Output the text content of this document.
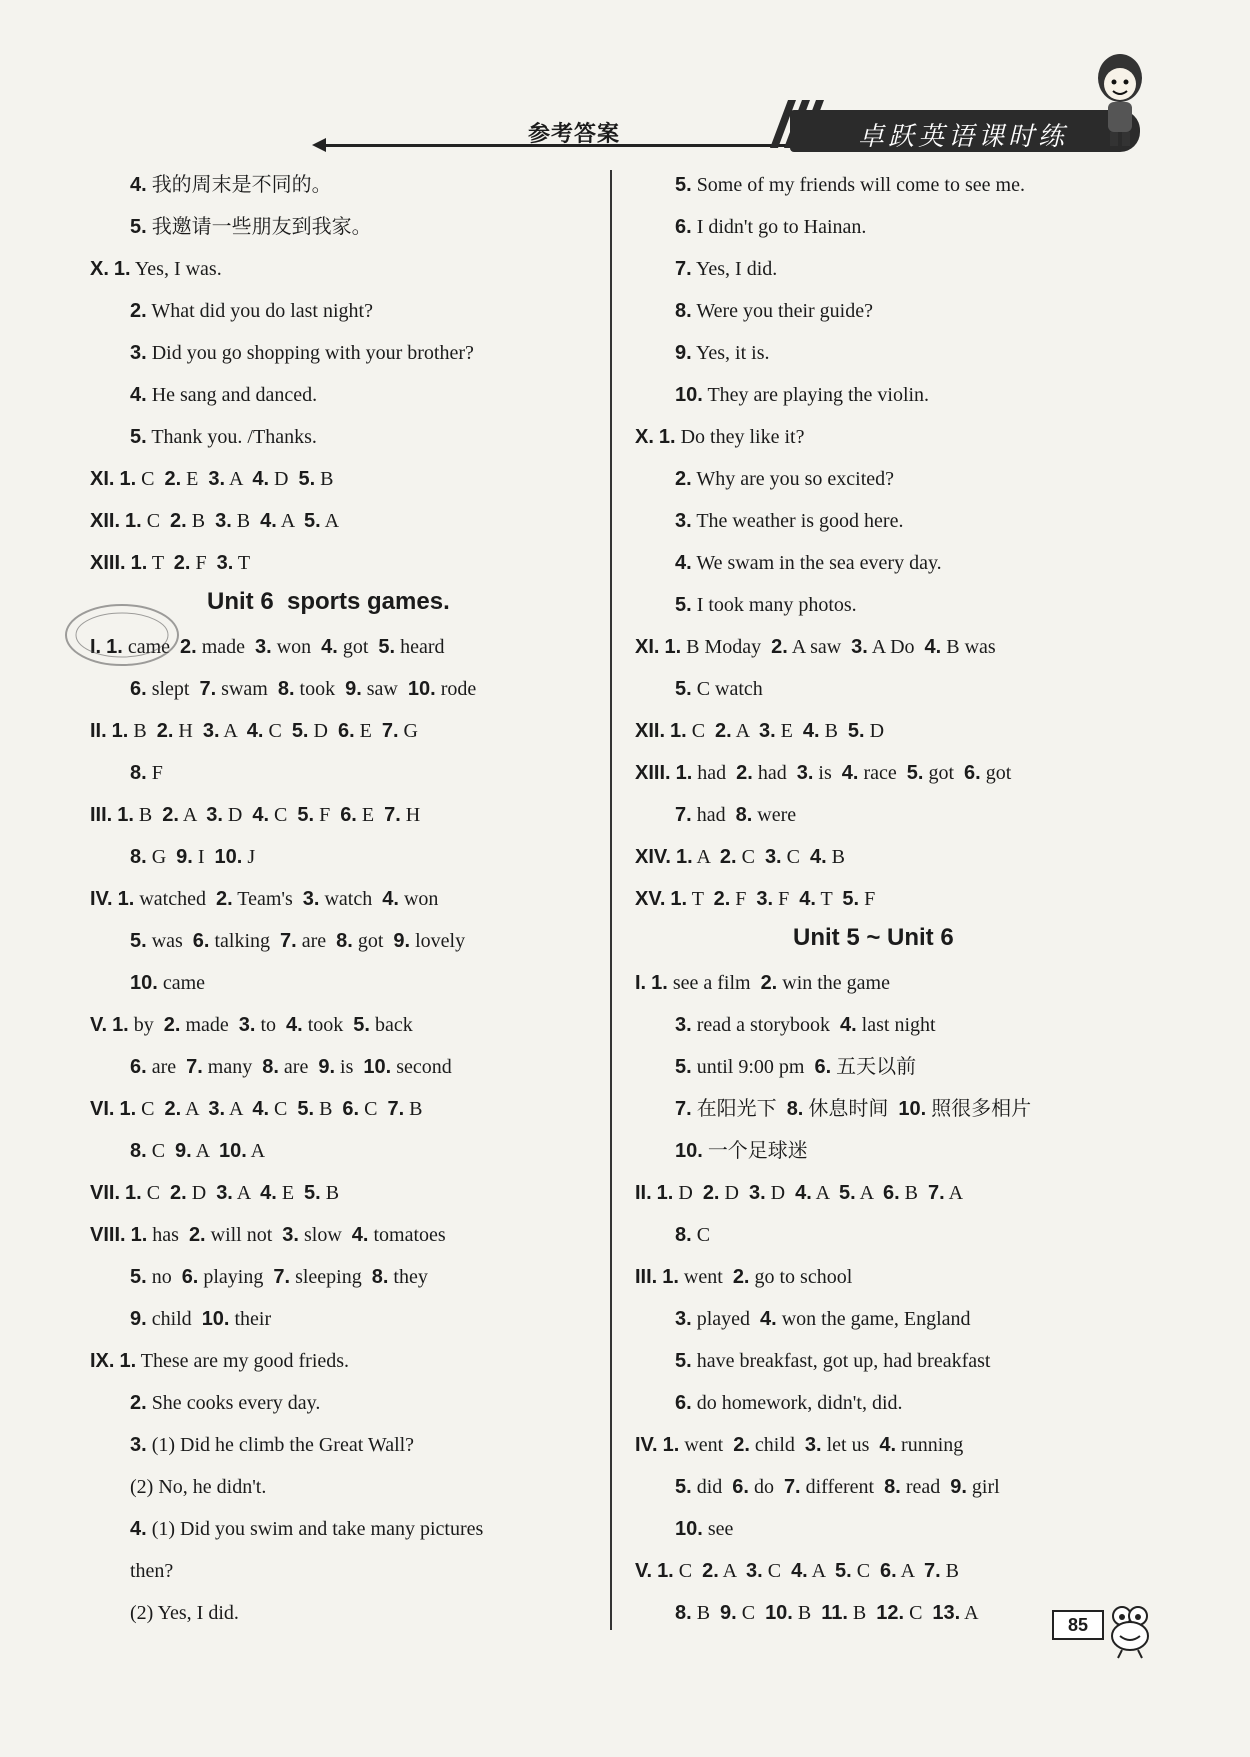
参考答案	卓跃英语课时练
4. 我的周末是不同的。
5. 我邀请一些朋友到我家。
X. 1. Yes, I was.
2. What did you do last night?
3. Did you go shopping with your brother?
4. He sang and danced.
5. Thank you. /Thanks.
XI. 1. C  2. E  3. A  4. D  5. B
XII. 1. C  2. B  3. B  4. A  5. A
XIII. 1. T  2. F  3. T
I. 1. came  2. made  3. won  4. got  5. heard
6. slept  7. swam  8. took  9. saw  10. rode
II. 1. B  2. H  3. A  4. C  5. D  6. E  7. G
8. F
III. 1. B  2. A  3. D  4. C  5. F  6. E  7. H
8. G  9. I  10. J
IV. 1. watched  2. Team's  3. watch  4. won
5. was  6. talking  7. are  8. got  9. lovely
10. came
V. 1. by  2. made  3. to  4. took  5. back
6. are  7. many  8. are  9. is  10. second
VI. 1. C  2. A  3. A  4. C  5. B  6. C  7. B
8. C  9. A  10. A
VII. 1. C  2. D  3. A  4. E  5. B
VIII. 1. has  2. will not  3. slow  4. tomatoes
5. no  6. playing  7. sleeping  8. they
9. child  10. their
IX. 1. These are my good frieds.
2. She cooks every day.
3. (1) Did he climb the Great Wall?
(2) No, he didn't.
4. (1) Did you swim and take many pictures
then?
(2) Yes, I did.
Unit 6  sports games.
5. Some of my friends will come to see me.
6. I didn't go to Hainan.
7. Yes, I did.
8. Were you their guide?
9. Yes, it is.
10. They are playing the violin.
X. 1. Do they like it?
2. Why are you so excited?
3. The weather is good here.
4. We swam in the sea every day.
5. I took many photos.
XI. 1. B Moday  2. A saw  3. A Do  4. B was
5. C watch
XII. 1. C  2. A  3. E  4. B  5. D
XIII. 1. had  2. had  3. is  4. race  5. got  6. got
7. had  8. were
XIV. 1. A  2. C  3. C  4. B
XV. 1. T  2. F  3. F  4. T  5. F
I. 1. see a film  2. win the game
3. read a storybook  4. last night
5. until 9:00 pm  6. 五天以前
7. 在阳光下  8. 休息时间  10. 照很多相片
10. 一个足球迷
II. 1. D  2. D  3. D  4. A  5. A  6. B  7. A
8. C
III. 1. went  2. go to school
3. played  4. won the game, England
5. have breakfast, got up, had breakfast
6. do homework, didn't, did.
IV. 1. went  2. child  3. let us  4. running
5. did  6. do  7. different  8. read  9. girl
10. see
V. 1. C  2. A  3. C  4. A  5. C  6. A  7. B
8. B  9. C  10. B  11. B  12. C  13. A
Unit 5 ~ Unit 6
85
